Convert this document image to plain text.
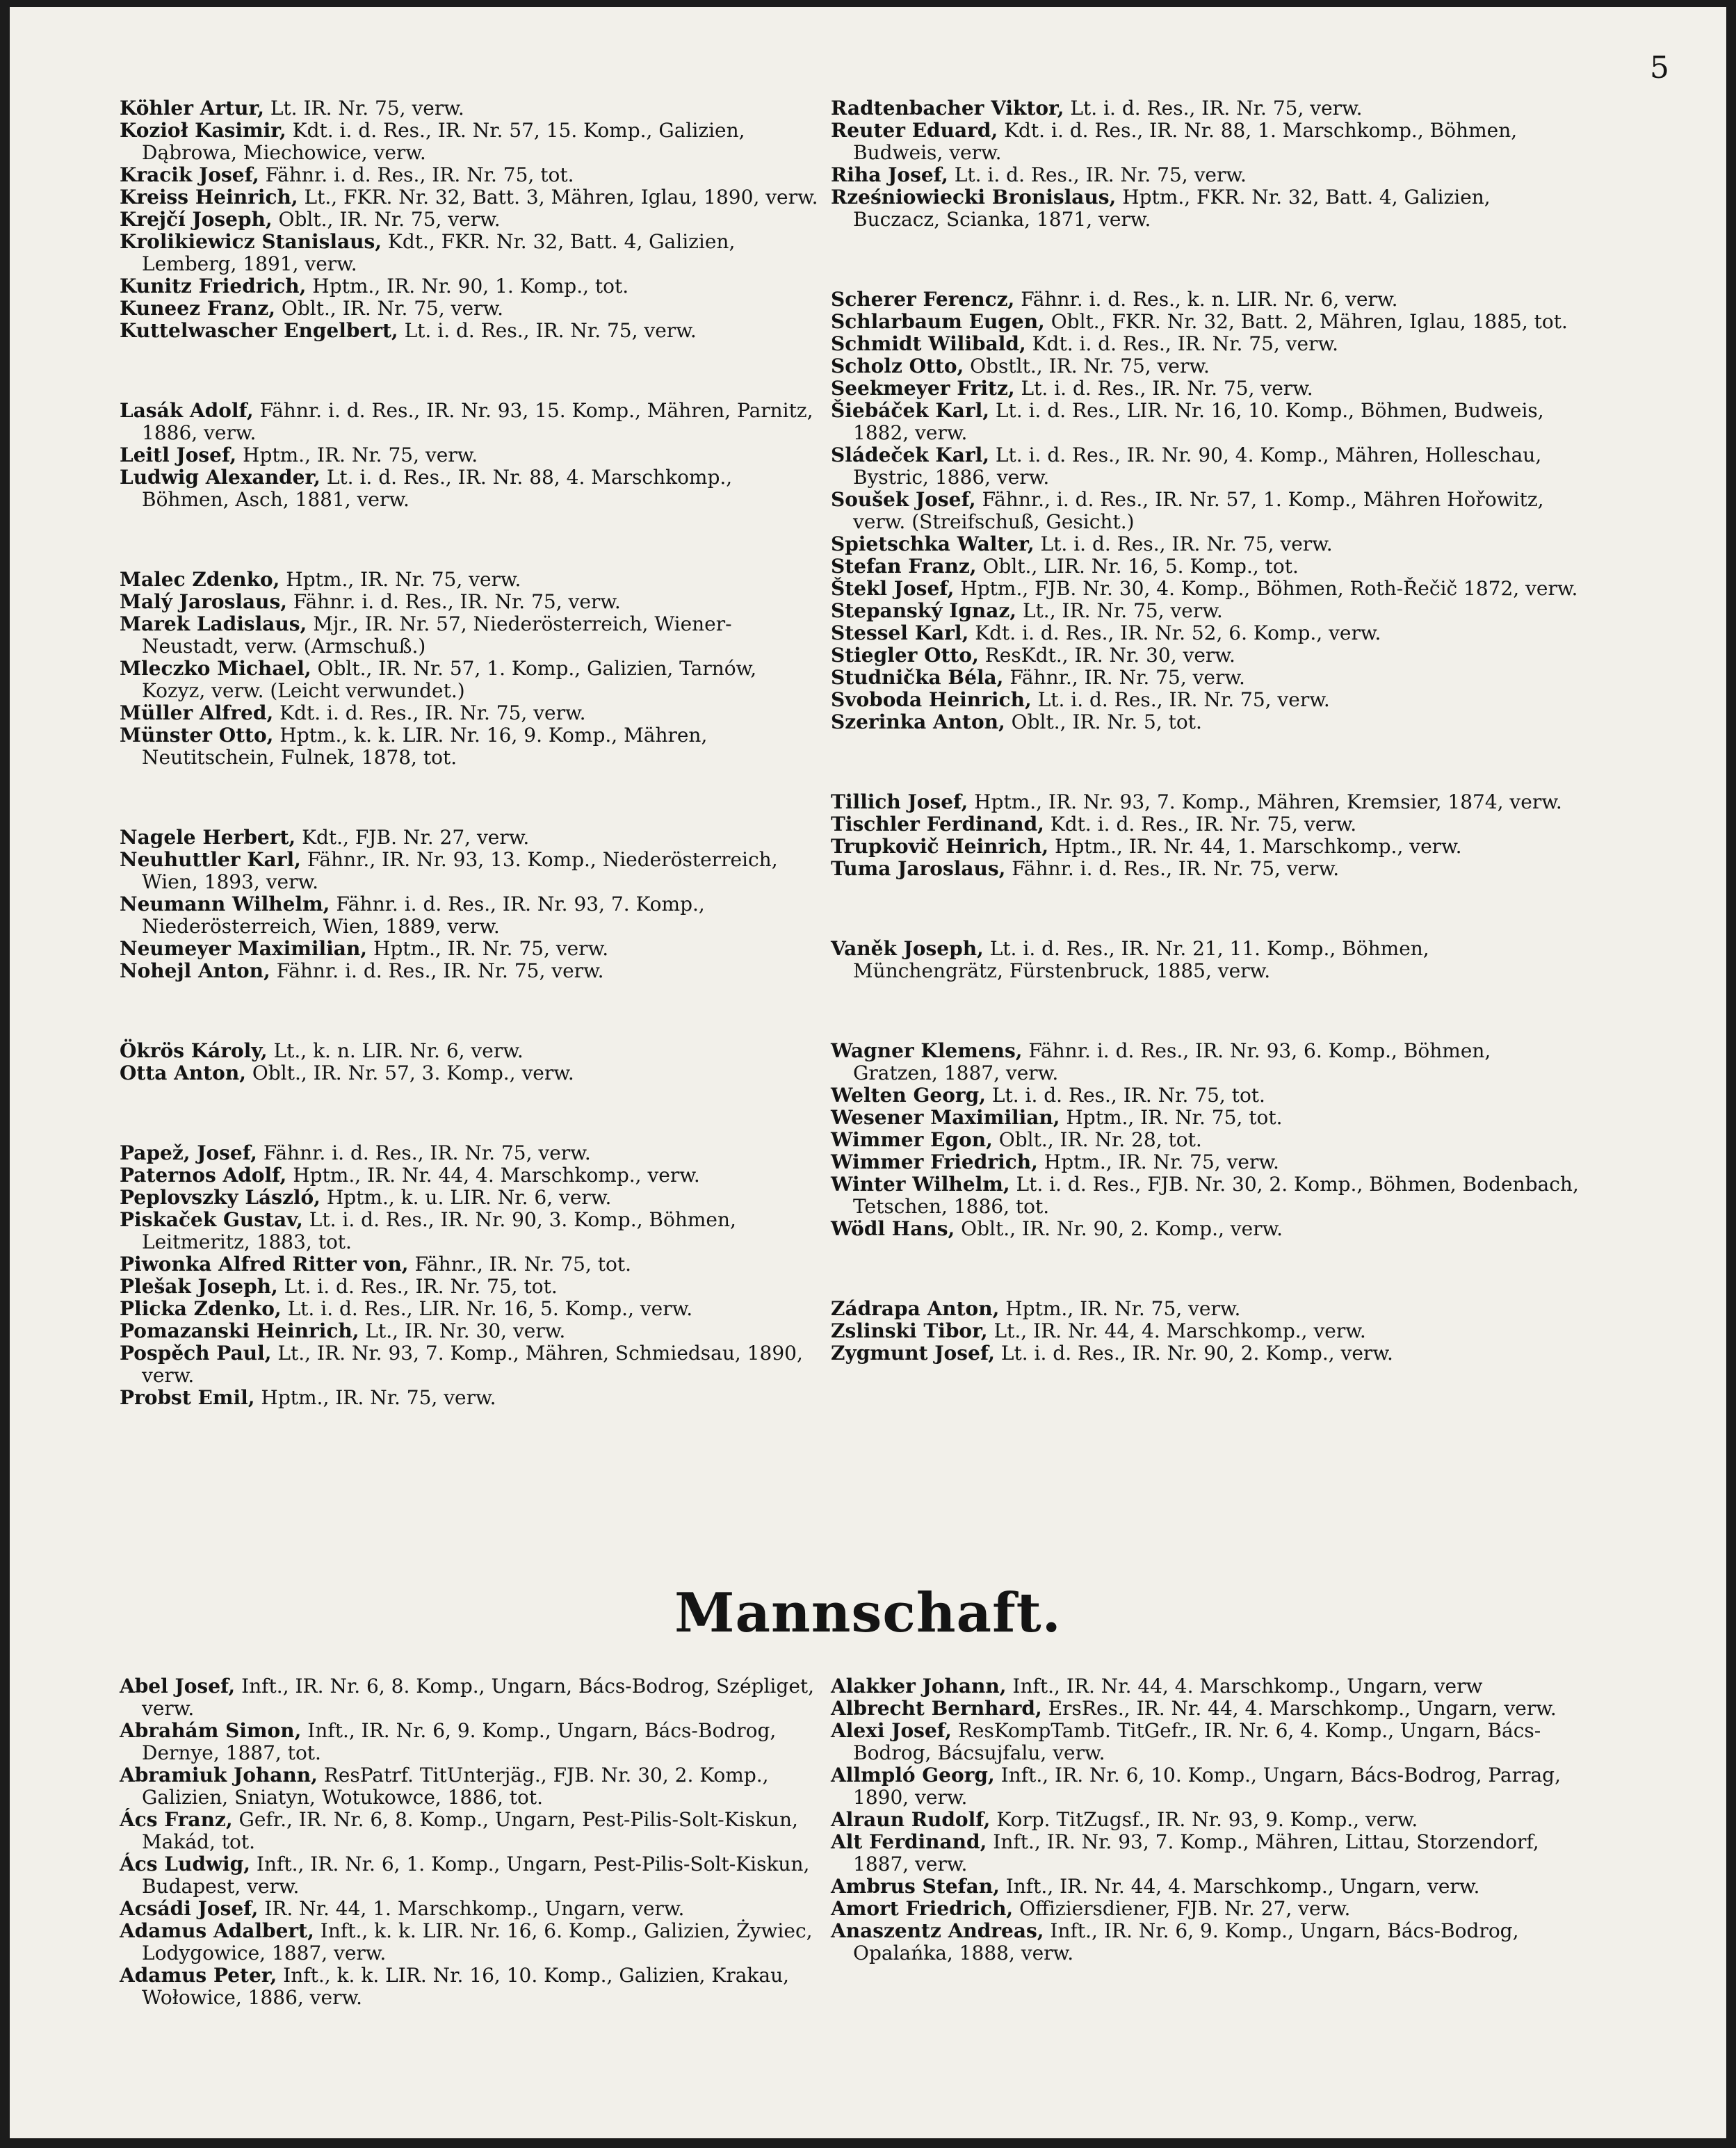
5
Köhler Artur, Lt. IR. Nr. 75, verw.
Kozioł Kasimir, Kdt. i. d. Res., IR. Nr. 57, 15. Komp., Galizien, Dąbrowa, Miechowice, verw.
Kracik Josef, Fähnr. i. d. Res., IR. Nr. 75, tot.
Kreiss Heinrich, Lt., FKR. Nr. 32, Batt. 3, Mähren, Iglau, 1890, verw.
Krejčí Joseph, Oblt., IR. Nr. 75, verw.
Krolikiewicz Stanislaus, Kdt., FKR. Nr. 32, Batt. 4, Galizien, Lemberg, 1891, verw.
Kunitz Friedrich, Hptm., IR. Nr. 90, 1. Komp., tot.
Kuneez Franz, Oblt., IR. Nr. 75, verw.
Kuttelwascher Engelbert, Lt. i. d. Res., IR. Nr. 75, verw.
Lasák Adolf, Fähnr. i. d. Res., IR. Nr. 93, 15. Komp., Mähren, Parnitz, 1886, verw.
Leitl Josef, Hptm., IR. Nr. 75, verw.
Ludwig Alexander, Lt. i. d. Res., IR. Nr. 88, 4. Marschkomp., Böhmen, Asch, 1881, verw.
Malec Zdenko, Hptm., IR. Nr. 75, verw.
Malý Jaroslaus, Fähnr. i. d. Res., IR. Nr. 75, verw.
Marek Ladislaus, Mjr., IR. Nr. 57, Niederösterreich, Wiener-Neustadt, verw. (Armschuß.)
Mleczko Michael, Oblt., IR. Nr. 57, 1. Komp., Galizien, Tarnów, Kozyz, verw. (Leicht verwundet.)
Müller Alfred, Kdt. i. d. Res., IR. Nr. 75, verw.
Münster Otto, Hptm., k. k. LIR. Nr. 16, 9. Komp., Mähren, Neutitschein, Fulnek, 1878, tot.
Nagele Herbert, Kdt., FJB. Nr. 27, verw.
Neuhuttler Karl, Fähnr., IR. Nr. 93, 13. Komp., Niederösterreich, Wien, 1893, verw.
Neumann Wilhelm, Fähnr. i. d. Res., IR. Nr. 93, 7. Komp., Niederösterreich, Wien, 1889, verw.
Neumeyer Maximilian, Hptm., IR. Nr. 75, verw.
Nohejl Anton, Fähnr. i. d. Res., IR. Nr. 75, verw.
Ökrös Károly, Lt., k. n. LIR. Nr. 6, verw.
Otta Anton, Oblt., IR. Nr. 57, 3. Komp., verw.
Papež, Josef, Fähnr. i. d. Res., IR. Nr. 75, verw.
Paternos Adolf, Hptm., IR. Nr. 44, 4. Marschkomp., verw.
Peplovszky László, Hptm., k. u. LIR. Nr. 6, verw.
Piskaček Gustav, Lt. i. d. Res., IR. Nr. 90, 3. Komp., Böhmen, Leitmeritz, 1883, tot.
Piwonka Alfred Ritter von, Fähnr., IR. Nr. 75, tot.
Plešak Joseph, Lt. i. d. Res., IR. Nr. 75, tot.
Plicka Zdenko, Lt. i. d. Res., LIR. Nr. 16, 5. Komp., verw.
Pomazanski Heinrich, Lt., IR. Nr. 30, verw.
Pospěch Paul, Lt., IR. Nr. 93, 7. Komp., Mähren, Schmiedsau, 1890, verw.
Probst Emil, Hptm., IR. Nr. 75, verw.
Radtenbacher Viktor, Lt. i. d. Res., IR. Nr. 75, verw.
Reuter Eduard, Kdt. i. d. Res., IR. Nr. 88, 1. Marschkomp., Böhmen, Budweis, verw.
Riha Josef, Lt. i. d. Res., IR. Nr. 75, verw.
Rześniowiecki Bronislaus, Hptm., FKR. Nr. 32, Batt. 4, Galizien, Buczacz, Scianka, 1871, verw.
Scherer Ferencz, Fähnr. i. d. Res., k. n. LIR. Nr. 6, verw.
Schlarbaum Eugen, Oblt., FKR. Nr. 32, Batt. 2, Mähren, Iglau, 1885, tot.
Schmidt Wilibald, Kdt. i. d. Res., IR. Nr. 75, verw.
Scholz Otto, Obstlt., IR. Nr. 75, verw.
Seekmeyer Fritz, Lt. i. d. Res., IR. Nr. 75, verw.
Šiebáček Karl, Lt. i. d. Res., LIR. Nr. 16, 10. Komp., Böhmen, Budweis, 1882, verw.
Sládeček Karl, Lt. i. d. Res., IR. Nr. 90, 4. Komp., Mähren, Holleschau, Bystric, 1886, verw.
Soušek Josef, Fähnr., i. d. Res., IR. Nr. 57, 1. Komp., Mähren Hořowitz, verw. (Streifschuß, Gesicht.)
Spietschka Walter, Lt. i. d. Res., IR. Nr. 75, verw.
Stefan Franz, Oblt., LIR. Nr. 16, 5. Komp., tot.
Štekl Josef, Hptm., FJB. Nr. 30, 4. Komp., Böhmen, Roth-Řečič 1872, verw.
Stepanský Ignaz, Lt., IR. Nr. 75, verw.
Stessel Karl, Kdt. i. d. Res., IR. Nr. 52, 6. Komp., verw.
Stiegler Otto, ResKdt., IR. Nr. 30, verw.
Studnička Béla, Fähnr., IR. Nr. 75, verw.
Svoboda Heinrich, Lt. i. d. Res., IR. Nr. 75, verw.
Szerinka Anton, Oblt., IR. Nr. 5, tot.
Tillich Josef, Hptm., IR. Nr. 93, 7. Komp., Mähren, Kremsier, 1874, verw.
Tischler Ferdinand, Kdt. i. d. Res., IR. Nr. 75, verw.
Trupkovič Heinrich, Hptm., IR. Nr. 44, 1. Marschkomp., verw.
Tuma Jaroslaus, Fähnr. i. d. Res., IR. Nr. 75, verw.
Vaněk Joseph, Lt. i. d. Res., IR. Nr. 21, 11. Komp., Böhmen, Münchengrätz, Fürstenbruck, 1885, verw.
Wagner Klemens, Fähnr. i. d. Res., IR. Nr. 93, 6. Komp., Böhmen, Gratzen, 1887, verw.
Welten Georg, Lt. i. d. Res., IR. Nr. 75, tot.
Wesener Maximilian, Hptm., IR. Nr. 75, tot.
Wimmer Egon, Oblt., IR. Nr. 28, tot.
Wimmer Friedrich, Hptm., IR. Nr. 75, verw.
Winter Wilhelm, Lt. i. d. Res., FJB. Nr. 30, 2. Komp., Böhmen, Bodenbach, Tetschen, 1886, tot.
Wödl Hans, Oblt., IR. Nr. 90, 2. Komp., verw.
Zádrapa Anton, Hptm., IR. Nr. 75, verw.
Zslinski Tibor, Lt., IR. Nr. 44, 4. Marschkomp., verw.
Zygmunt Josef, Lt. i. d. Res., IR. Nr. 90, 2. Komp., verw.
Mannschaft.
Abel Josef, Inft., IR. Nr. 6, 8. Komp., Ungarn, Bács-Bodrog, Szépliget, verw.
Abrahám Simon, Inft., IR. Nr. 6, 9. Komp., Ungarn, Bács-Bodrog, Dernye, 1887, tot.
Abramiuk Johann, ResPatrf. TitUnterjäg., FJB. Nr. 30, 2. Komp., Galizien, Sniatyn, Wotukowce, 1886, tot.
Ács Franz, Gefr., IR. Nr. 6, 8. Komp., Ungarn, Pest-Pilis-Solt-Kiskun, Makád, tot.
Ács Ludwig, Inft., IR. Nr. 6, 1. Komp., Ungarn, Pest-Pilis-Solt-Kiskun, Budapest, verw.
Acsádi Josef, IR. Nr. 44, 1. Marschkomp., Ungarn, verw.
Adamus Adalbert, Inft., k. k. LIR. Nr. 16, 6. Komp., Galizien, Żywiec, Lodygowice, 1887, verw.
Adamus Peter, Inft., k. k. LIR. Nr. 16, 10. Komp., Galizien, Krakau, Wołowice, 1886, verw.
Alakker Johann, Inft., IR. Nr. 44, 4. Marschkomp., Ungarn, verw
Albrecht Bernhard, ErsRes., IR. Nr. 44, 4. Marschkomp., Ungarn, verw.
Alexi Josef, ResKompTamb. TitGefr., IR. Nr. 6, 4. Komp., Ungarn, Bács-Bodrog, Bácsujfalu, verw.
Allmpló Georg, Inft., IR. Nr. 6, 10. Komp., Ungarn, Bács-Bodrog, Parrag, 1890, verw.
Alraun Rudolf, Korp. TitZugsf., IR. Nr. 93, 9. Komp., verw.
Alt Ferdinand, Inft., IR. Nr. 93, 7. Komp., Mähren, Littau, Storzendorf, 1887, verw.
Ambrus Stefan, Inft., IR. Nr. 44, 4. Marschkomp., Ungarn, verw.
Amort Friedrich, Offiziersdiener, FJB. Nr. 27, verw.
Anaszentz Andreas, Inft., IR. Nr. 6, 9. Komp., Ungarn, Bács-Bodrog, Opalańka, 1888, verw.
